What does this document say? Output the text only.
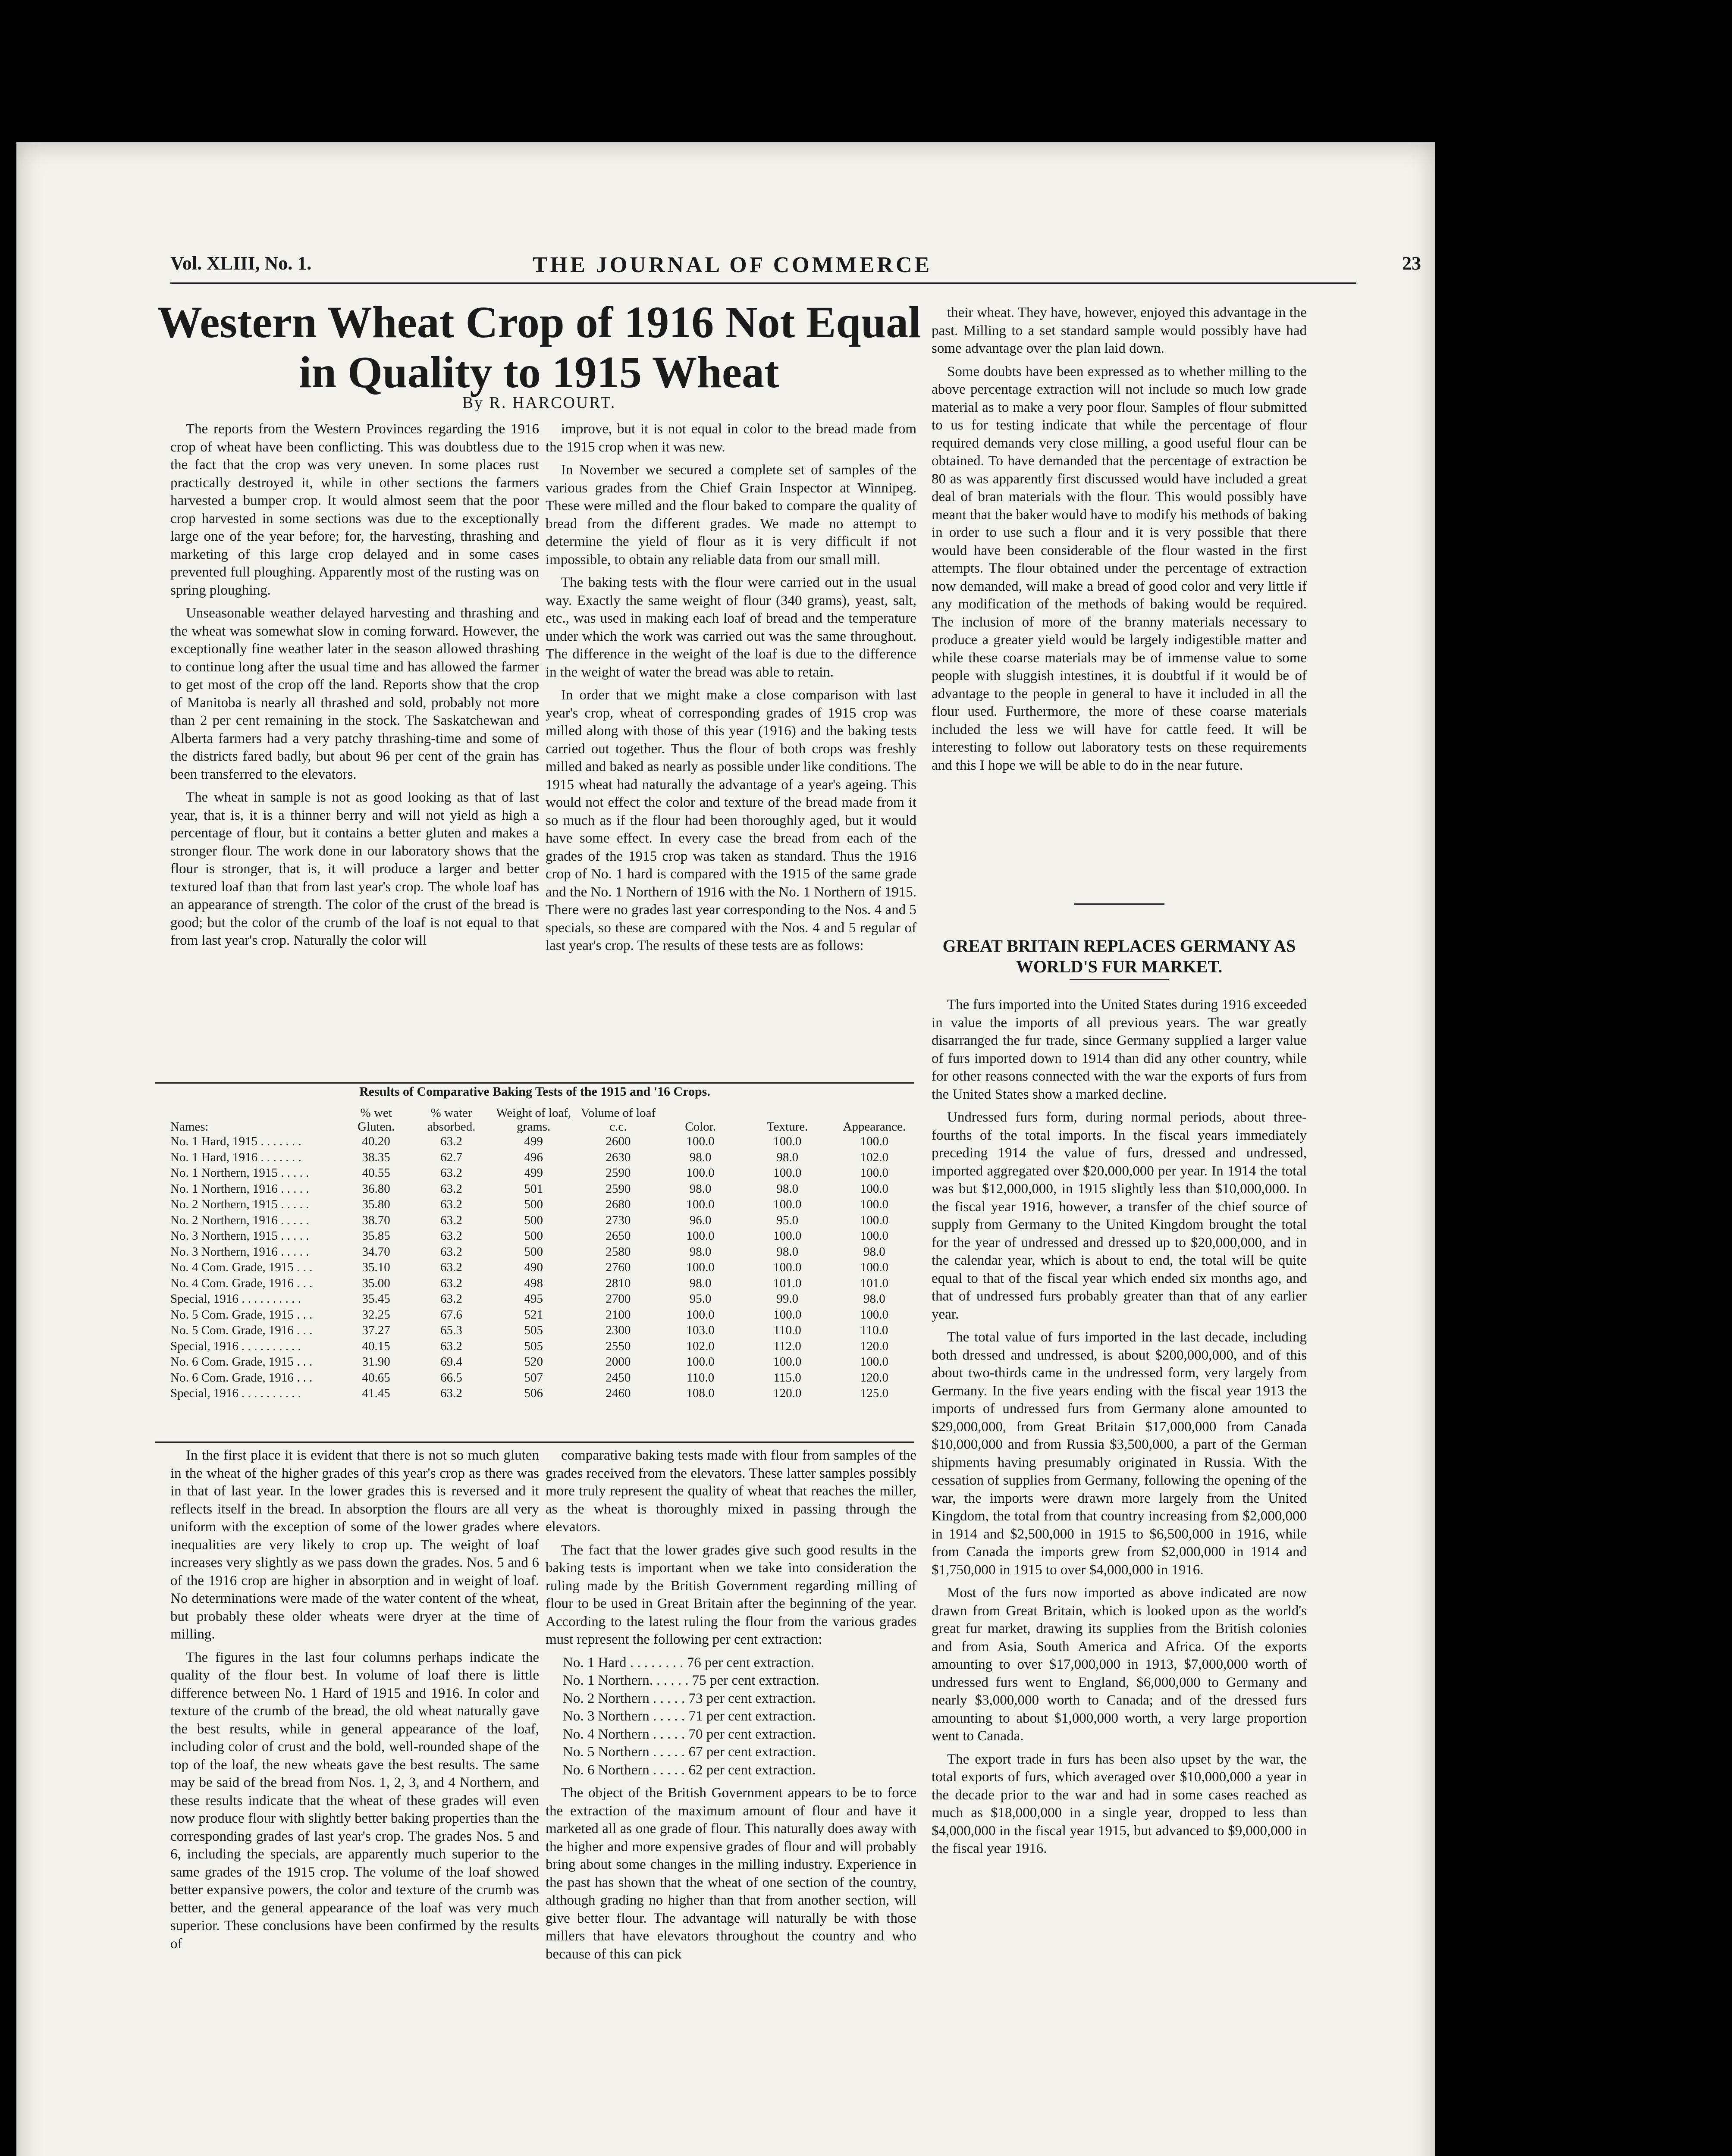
Vol. XLIII, No. 1.	THE JOURNAL OF COMMERCE	23
Western Wheat Crop of 1916 Not Equal in Quality to 1915 Wheat
By R. HARCOURT.

The reports from the Western Provinces regarding the 1916 crop of wheat have been conflicting. This was doubtless due to the fact that the crop was very uneven. In some places rust practically destroyed it, while in other sections the farmers harvested a bumper crop. It would almost seem that the poor crop harvested in some sections was due to the exceptionally large one of the year before; for, the harvesting, thrashing and marketing of this large crop delayed and in some cases prevented full ploughing. Apparently most of the rusting was on spring ploughing.

Unseasonable weather delayed harvesting and thrashing and the wheat was somewhat slow in coming forward. However, the exceptionally fine weather later in the season allowed thrashing to continue long after the usual time and has allowed the farmer to get most of the crop off the land. Reports show that the crop of Manitoba is nearly all thrashed and sold, probably not more than 2 per cent remaining in the stock. The Saskatchewan and Alberta farmers had a very patchy thrashing-time and some of the districts fared badly, but about 96 per cent of the grain has been transferred to the elevators.

The wheat in sample is not as good looking as that of last year, that is, it is a thinner berry and will not yield as high a percentage of flour, but it contains a better gluten and makes a stronger flour. The work done in our laboratory shows that the flour is stronger, that is, it will produce a larger and better textured loaf than that from last year's crop. The whole loaf has an appearance of strength. The color of the crust of the bread is good; but the color of the crumb of the loaf is not equal to that from last year's crop. Naturally the color will

improve, but it is not equal in color to the bread made from the 1915 crop when it was new.

In November we secured a complete set of samples of the various grades from the Chief Grain Inspector at Winnipeg. These were milled and the flour baked to compare the quality of bread from the different grades. We made no attempt to determine the yield of flour as it is very difficult if not impossible, to obtain any reliable data from our small mill.

The baking tests with the flour were carried out in the usual way. Exactly the same weight of flour (340 grams), yeast, salt, etc., was used in making each loaf of bread and the temperature under which the work was carried out was the same throughout. The difference in the weight of the loaf is due to the difference in the weight of water the bread was able to retain.

In order that we might make a close comparison with last year's crop, wheat of corresponding grades of 1915 crop was milled along with those of this year (1916) and the baking tests carried out together. Thus the flour of both crops was freshly milled and baked as nearly as possible under like conditions. The 1915 wheat had naturally the advantage of a year's ageing. This would not effect the color and texture of the bread made from it so much as if the flour had been thoroughly aged, but it would have some effect. In every case the bread from each of the grades of the 1915 crop was taken as standard. Thus the 1916 crop of No. 1 hard is compared with the 1915 of the same grade and the No. 1 Northern of 1916 with the No. 1 Northern of 1915. There were no grades last year corresponding to the Nos. 4 and 5 specials, so these are compared with the Nos. 4 and 5 regular of last year's crop. The results of these tests are as follows:

their wheat. They have, however, enjoyed this advantage in the past. Milling to a set standard sample would possibly have had some advantage over the plan laid down.

Some doubts have been expressed as to whether milling to the above percentage extraction will not include so much low grade material as to make a very poor flour. Samples of flour submitted to us for testing indicate that while the percentage of flour required demands very close milling, a good useful flour can be obtained. To have demanded that the percentage of extraction be 80 as was apparently first discussed would have included a great deal of bran materials with the flour. This would possibly have meant that the baker would have to modify his methods of baking in order to use such a flour and it is very possible that there would have been considerable of the flour wasted in the first attempts. The flour obtained under the percentage of extraction now demanded, will make a bread of good color and very little if any modification of the methods of baking would be required. The inclusion of more of the branny materials necessary to produce a greater yield would be largely indigestible matter and while these coarse materials may be of immense value to some people with sluggish intestines, it is doubtful if it would be of advantage to the people in general to have it included in all the flour used. Furthermore, the more of these coarse materials included the less we will have for cattle feed. It will be interesting to follow out laboratory tests on these requirements and this I hope we will be able to do in the near future.

GREAT BRITAIN REPLACES GERMANY AS WORLD'S FUR MARKET.

The furs imported into the United States during 1916 exceeded in value the imports of all previous years. The war greatly disarranged the fur trade, since Germany supplied a larger value of furs imported down to 1914 than did any other country, while for other reasons connected with the war the exports of furs from the United States show a marked decline.

Undressed furs form, during normal periods, about three-fourths of the total imports. In the fiscal years immediately preceding 1914 the value of furs, dressed and undressed, imported aggregated over $20,000,000 per year. In 1914 the total was but $12,000,000, in 1915 slightly less than $10,000,000. In the fiscal year 1916, however, a transfer of the chief source of supply from Germany to the United Kingdom brought the total for the year of undressed and dressed up to $20,000,000, and in the calendar year, which is about to end, the total will be quite equal to that of the fiscal year which ended six months ago, and that of undressed furs probably greater than that of any earlier year.

The total value of furs imported in the last decade, including both dressed and undressed, is about $200,000,000, and of this about two-thirds came in the undressed form, very largely from Germany. In the five years ending with the fiscal year 1913 the imports of undressed furs from Germany alone amounted to $29,000,000, from Great Britain $17,000,000 from Canada $10,000,000 and from Russia $3,500,000, a part of the German shipments having presumably originated in Russia. With the cessation of supplies from Germany, following the opening of the war, the imports were drawn more largely from the United Kingdom, the total from that country increasing from $2,000,000 in 1914 and $2,500,000 in 1915 to $6,500,000 in 1916, while from Canada the imports grew from $2,000,000 in 1914 and $1,750,000 in 1915 to over $4,000,000 in 1916.

Most of the furs now imported as above indicated are now drawn from Great Britain, which is looked upon as the world's great fur market, drawing its supplies from the British colonies and from Asia, South America and Africa. Of the exports amounting to over $17,000,000 in 1913, $7,000,000 worth of undressed furs went to England, $6,000,000 to Germany and nearly $3,000,000 worth to Canada; and of the dressed furs amounting to about $1,000,000 worth, a very large proportion went to Canada.

The export trade in furs has been also upset by the war, the total exports of furs, which averaged over $10,000,000 a year in the decade prior to the war and had in some cases reached as much as $18,000,000 in a single year, dropped to less than $4,000,000 in the fiscal year 1915, but advanced to $9,000,000 in the fiscal year 1916.

Results of Comparative Baking Tests of the 1915 and '16 Crops.
Names:	% wet Gluten.	% water absorbed.	Weight of loaf, grams.	Volume of loaf c.c.	Color.	Texture.	Appearance.
No. 1 Hard, 1915 . . . . . . .	40.20	63.2	499	2600	100.0	100.0	100.0
No. 1 Hard, 1916 . . . . . . .	38.35	62.7	496	2630	98.0	98.0	102.0
No. 1 Northern, 1915 . . . . .	40.55	63.2	499	2590	100.0	100.0	100.0
No. 1 Northern, 1916 . . . . .	36.80	63.2	501	2590	98.0	98.0	100.0
No. 2 Northern, 1915 . . . . .	35.80	63.2	500	2680	100.0	100.0	100.0
No. 2 Northern, 1916 . . . . .	38.70	63.2	500	2730	96.0	95.0	100.0
No. 3 Northern, 1915 . . . . .	35.85	63.2	500	2650	100.0	100.0	100.0
No. 3 Northern, 1916 . . . . .	34.70	63.2	500	2580	98.0	98.0	98.0
No. 4 Com. Grade, 1915 . . .	35.10	63.2	490	2760	100.0	100.0	100.0
No. 4 Com. Grade, 1916 . . .	35.00	63.2	498	2810	98.0	101.0	101.0
Special, 1916 . . . . . . . . . .	35.45	63.2	495	2700	95.0	99.0	98.0
No. 5 Com. Grade, 1915 . . .	32.25	67.6	521	2100	100.0	100.0	100.0
No. 5 Com. Grade, 1916 . . .	37.27	65.3	505	2300	103.0	110.0	110.0
Special, 1916 . . . . . . . . . .	40.15	63.2	505	2550	102.0	112.0	120.0
No. 6 Com. Grade, 1915 . . .	31.90	69.4	520	2000	100.0	100.0	100.0
No. 6 Com. Grade, 1916 . . .	40.65	66.5	507	2450	110.0	115.0	120.0
Special, 1916 . . . . . . . . . .	41.45	63.2	506	2460	108.0	120.0	125.0

In the first place it is evident that there is not so much gluten in the wheat of the higher grades of this year's crop as there was in that of last year. In the lower grades this is reversed and it reflects itself in the bread. In absorption the flours are all very uniform with the exception of some of the lower grades where inequalities are very likely to crop up. The weight of loaf increases very slightly as we pass down the grades. Nos. 5 and 6 of the 1916 crop are higher in absorption and in weight of loaf. No determinations were made of the water content of the wheat, but probably these older wheats were dryer at the time of milling.

The figures in the last four columns perhaps indicate the quality of the flour best. In volume of loaf there is little difference between No. 1 Hard of 1915 and 1916. In color and texture of the crumb of the bread, the old wheat naturally gave the best results, while in general appearance of the loaf, including color of crust and the bold, well-rounded shape of the top of the loaf, the new wheats gave the best results. The same may be said of the bread from Nos. 1, 2, 3, and 4 Northern, and these results indicate that the wheat of these grades will even now produce flour with slightly better baking properties than the corresponding grades of last year's crop. The grades Nos. 5 and 6, including the specials, are apparently much superior to the same grades of the 1915 crop. The volume of the loaf showed better expansive powers, the color and texture of the crumb was better, and the general appearance of the loaf was very much superior. These conclusions have been confirmed by the results of

comparative baking tests made with flour from samples of the grades received from the elevators. These latter samples possibly more truly represent the quality of wheat that reaches the miller, as the wheat is thoroughly mixed in passing through the elevators.

The fact that the lower grades give such good results in the baking tests is important when we take into consideration the ruling made by the British Government regarding milling of flour to be used in Great Britain after the beginning of the year. According to the latest ruling the flour from the various grades must represent the following per cent extraction:

No. 1 Hard . . . . . . . . 76 per cent extraction.
No. 1 Northern. . . . . . 75 per cent extraction.
No. 2 Northern . . . . . 73 per cent extraction.
No. 3 Northern . . . . . 71 per cent extraction.
No. 4 Northern . . . . . 70 per cent extraction.
No. 5 Northern . . . . . 67 per cent extraction.
No. 6 Northern . . . . . 62 per cent extraction.

The object of the British Government appears to be to force the extraction of the maximum amount of flour and have it marketed all as one grade of flour. This naturally does away with the higher and more expensive grades of flour and will probably bring about some changes in the milling industry. Experience in the past has shown that the wheat of one section of the country, although grading no higher than that from another section, will give better flour. The advantage will naturally be with those millers that have elevators throughout the country and who because of this can pick
